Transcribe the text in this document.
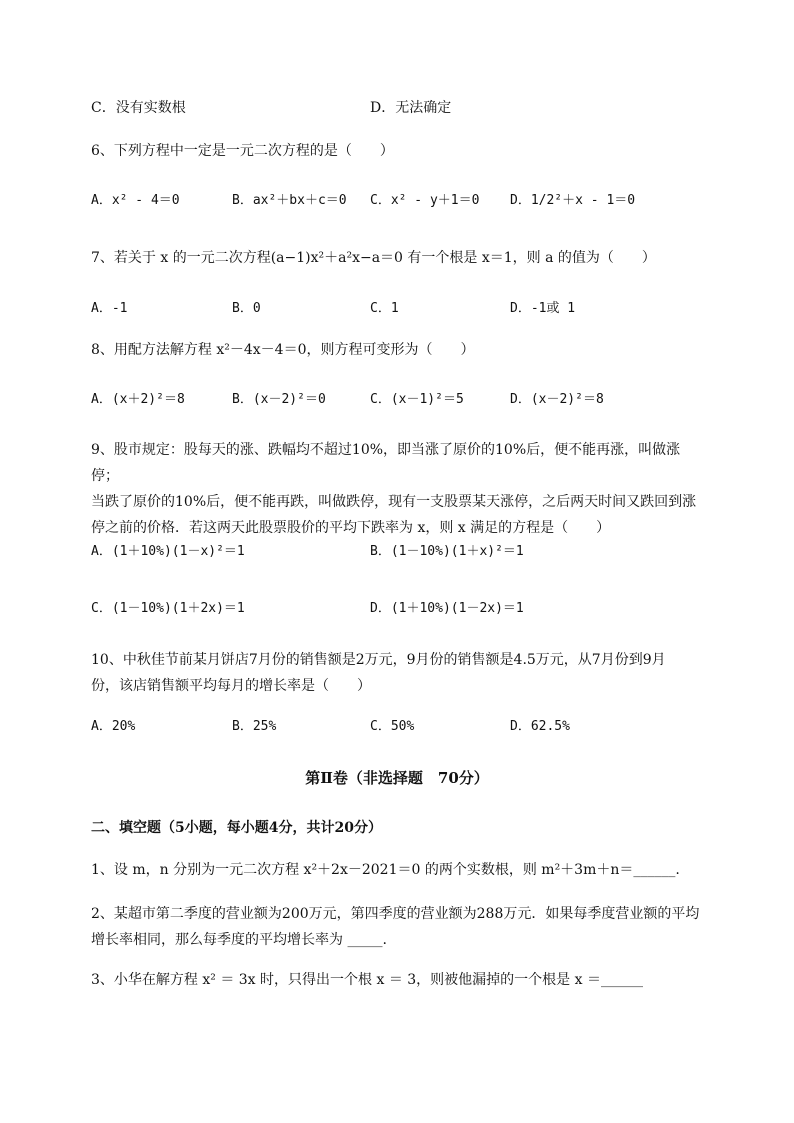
C．没有实数根	D．无法确定
6、下列方程中一定是一元二次方程的是（　　）
A．x² - 4＝0	B．ax²＋bx＋c＝0 C．x² - y＋1＝0 D．1/2²＋x - 1＝0
7、若关于 x 的一元二次方程(a−1)x²＋a²x−a＝0 有一个根是 x＝1，则 a 的值为（　　）
A．-1	B．0	C．1	D．-1或 1
8、用配方法解方程 x²－4x－4＝0，则方程可变形为（　　）
A．(x＋2)²＝8	B．(x－2)²＝0	C．(x－1)²＝5	D．(x－2)²＝8
9、股市规定：股每天的涨、跌幅均不超过10%，即当涨了原价的10%后，便不能再涨，叫做涨停；
当跌了原价的10%后，便不能再跌，叫做跌停，现有一支股票某天涨停，之后两天时间又跌回到涨
停之前的价格．若这两天此股票股价的平均下跌率为 x，则 x 满足的方程是（　　）
A．(1＋10%)(1－x)²＝1	B．(1－10%)(1＋x)²＝1
C．(1－10%)(1＋2x)＝1	D．(1＋10%)(1－2x)＝1
10、中秋佳节前某月饼店7月份的销售额是2万元，9月份的销售额是4.5万元，从7月份到9月
份，该店销售额平均每月的增长率是（　　）
A．20%	B．25%	C．50%	D．62.5%
第Ⅱ卷（非选择题　70分）
二、填空题（5小题，每小题4分，共计20分）
1、设 m，n 分别为一元二次方程 x²＋2x－2021＝0 的两个实数根，则 m²＋3m＋n＝______.
2、某超市第二季度的营业额为200万元，第四季度的营业额为288万元．如果每季度营业额的平均
增长率相同，那么每季度的平均增长率为 _____.
3、小华在解方程 x² ＝ 3x 时，只得出一个根 x ＝ 3，则被他漏掉的一个根是 x ＝______
